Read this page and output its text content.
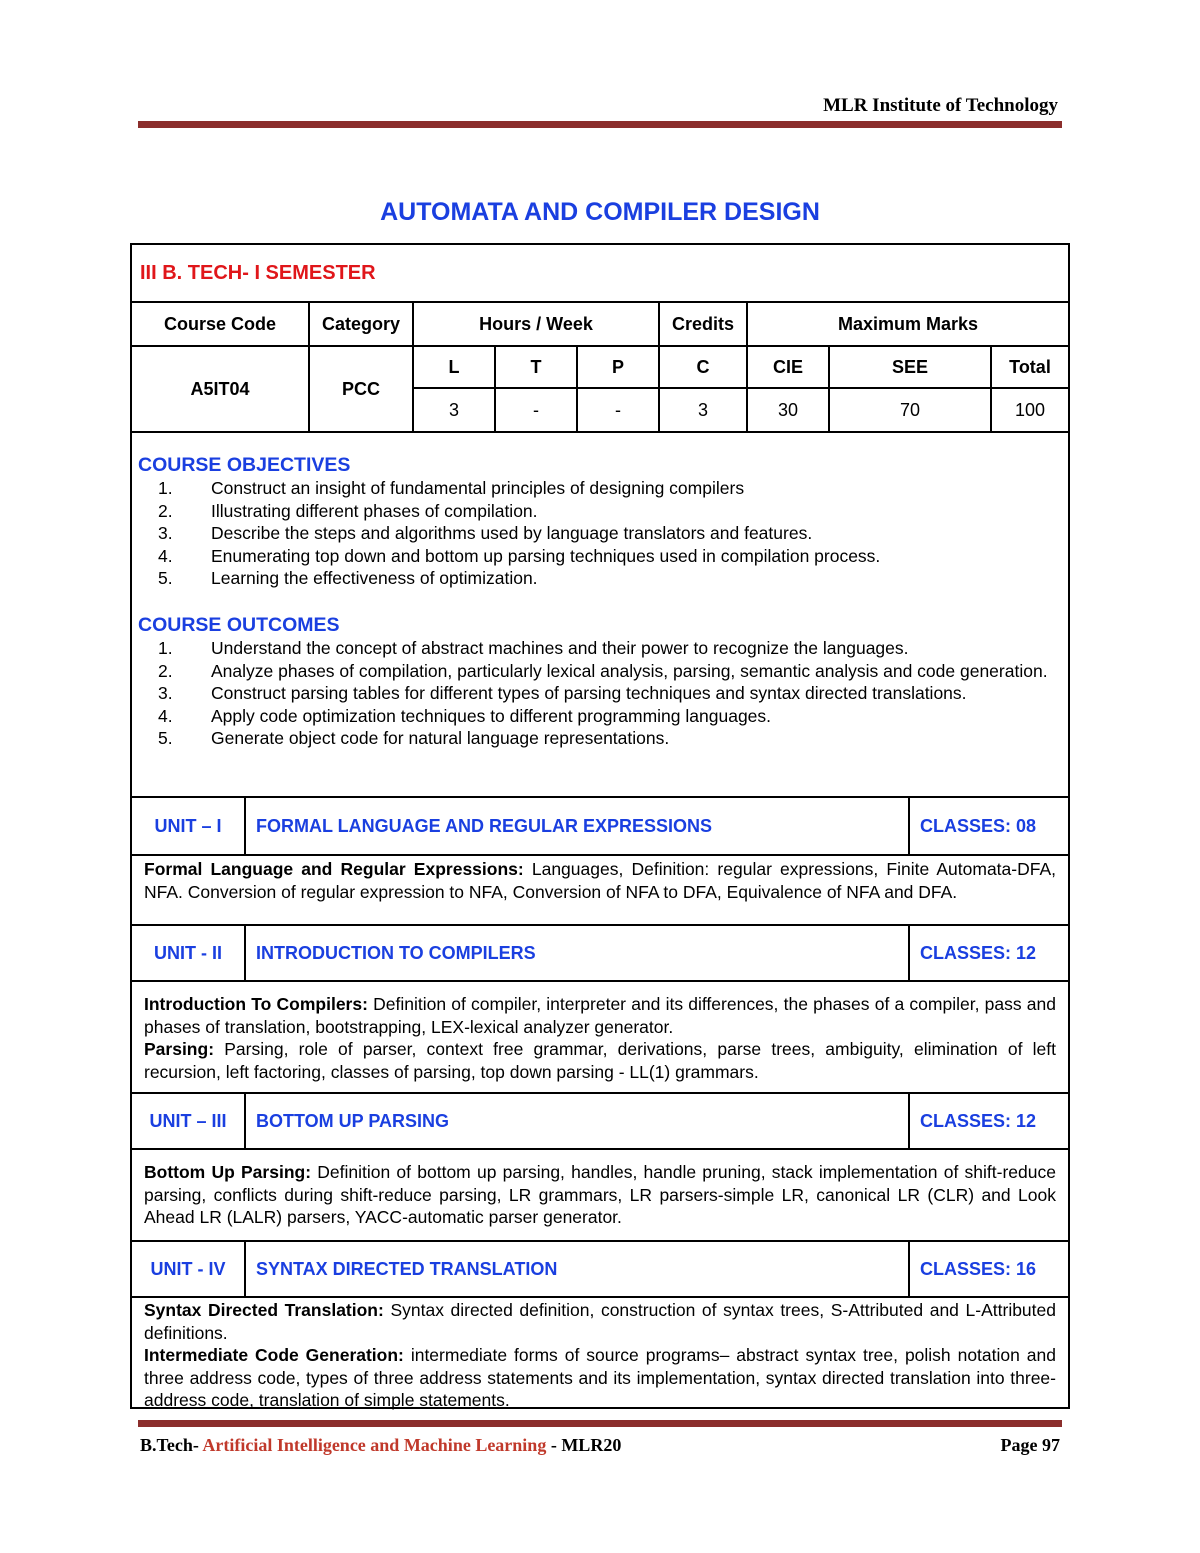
MLR Institute of Technology
AUTOMATA AND COMPILER DESIGN
III B. TECH- I SEMESTER								
Course Code	Category	Hours / Week			Credits	Maximum Marks		
A5IT04	PCC	L	T	P	C	CIE	SEE	Total
		3	-	-	3	30	70	100
COURSE OBJECTIVES
1. Construct an insight of fundamental principles of designing compilers
2. Illustrating different phases of compilation.
3. Describe the steps and algorithms used by language translators and features.
4. Enumerating top down and bottom up parsing techniques used in compilation process.
5. Learning the effectiveness of optimization.
COURSE OUTCOMES
1. Understand the concept of abstract machines and their power to recognize the languages.
2. Analyze phases of compilation, particularly lexical analysis, parsing, semantic analysis and code generation.
3. Construct parsing tables for different types of parsing techniques and syntax directed translations.
4. Apply code optimization techniques to different programming languages.
5. Generate object code for natural language representations.
UNIT – I	FORMAL LANGUAGE AND REGULAR EXPRESSIONS	CLASSES: 08

Formal Language and Regular Expressions: Languages, Definition: regular expressions, Finite Automata-DFA, NFA. Conversion of regular expression to NFA, Conversion of NFA to DFA, Equivalence of NFA and DFA.

UNIT - II	INTRODUCTION TO COMPILERS	CLASSES: 12

Introduction To Compilers: Definition of compiler, interpreter and its differences, the phases of a compiler, pass and phases of translation, bootstrapping, LEX-lexical analyzer generator.

Parsing: Parsing, role of parser, context free grammar, derivations, parse trees, ambiguity, elimination of left recursion, left factoring, classes of parsing, top down parsing - LL(1) grammars.

UNIT – III	BOTTOM UP PARSING	CLASSES: 12

Bottom Up Parsing: Definition of bottom up parsing, handles, handle pruning, stack implementation of shift-reduce parsing, conflicts during shift-reduce parsing, LR grammars, LR parsers-simple LR, canonical LR (CLR) and Look Ahead LR (LALR) parsers, YACC-automatic parser generator.

UNIT - IV	SYNTAX DIRECTED TRANSLATION	CLASSES: 16

Syntax Directed Translation: Syntax directed definition, construction of syntax trees, S-Attributed and L-Attributed definitions.

Intermediate Code Generation: intermediate forms of source programs– abstract syntax tree, polish notation and three address code, types of three address statements and its implementation, syntax directed translation into three-address code, translation of simple statements.

B.Tech- Artificial Intelligence and Machine Learning - MLR20	Page 97
